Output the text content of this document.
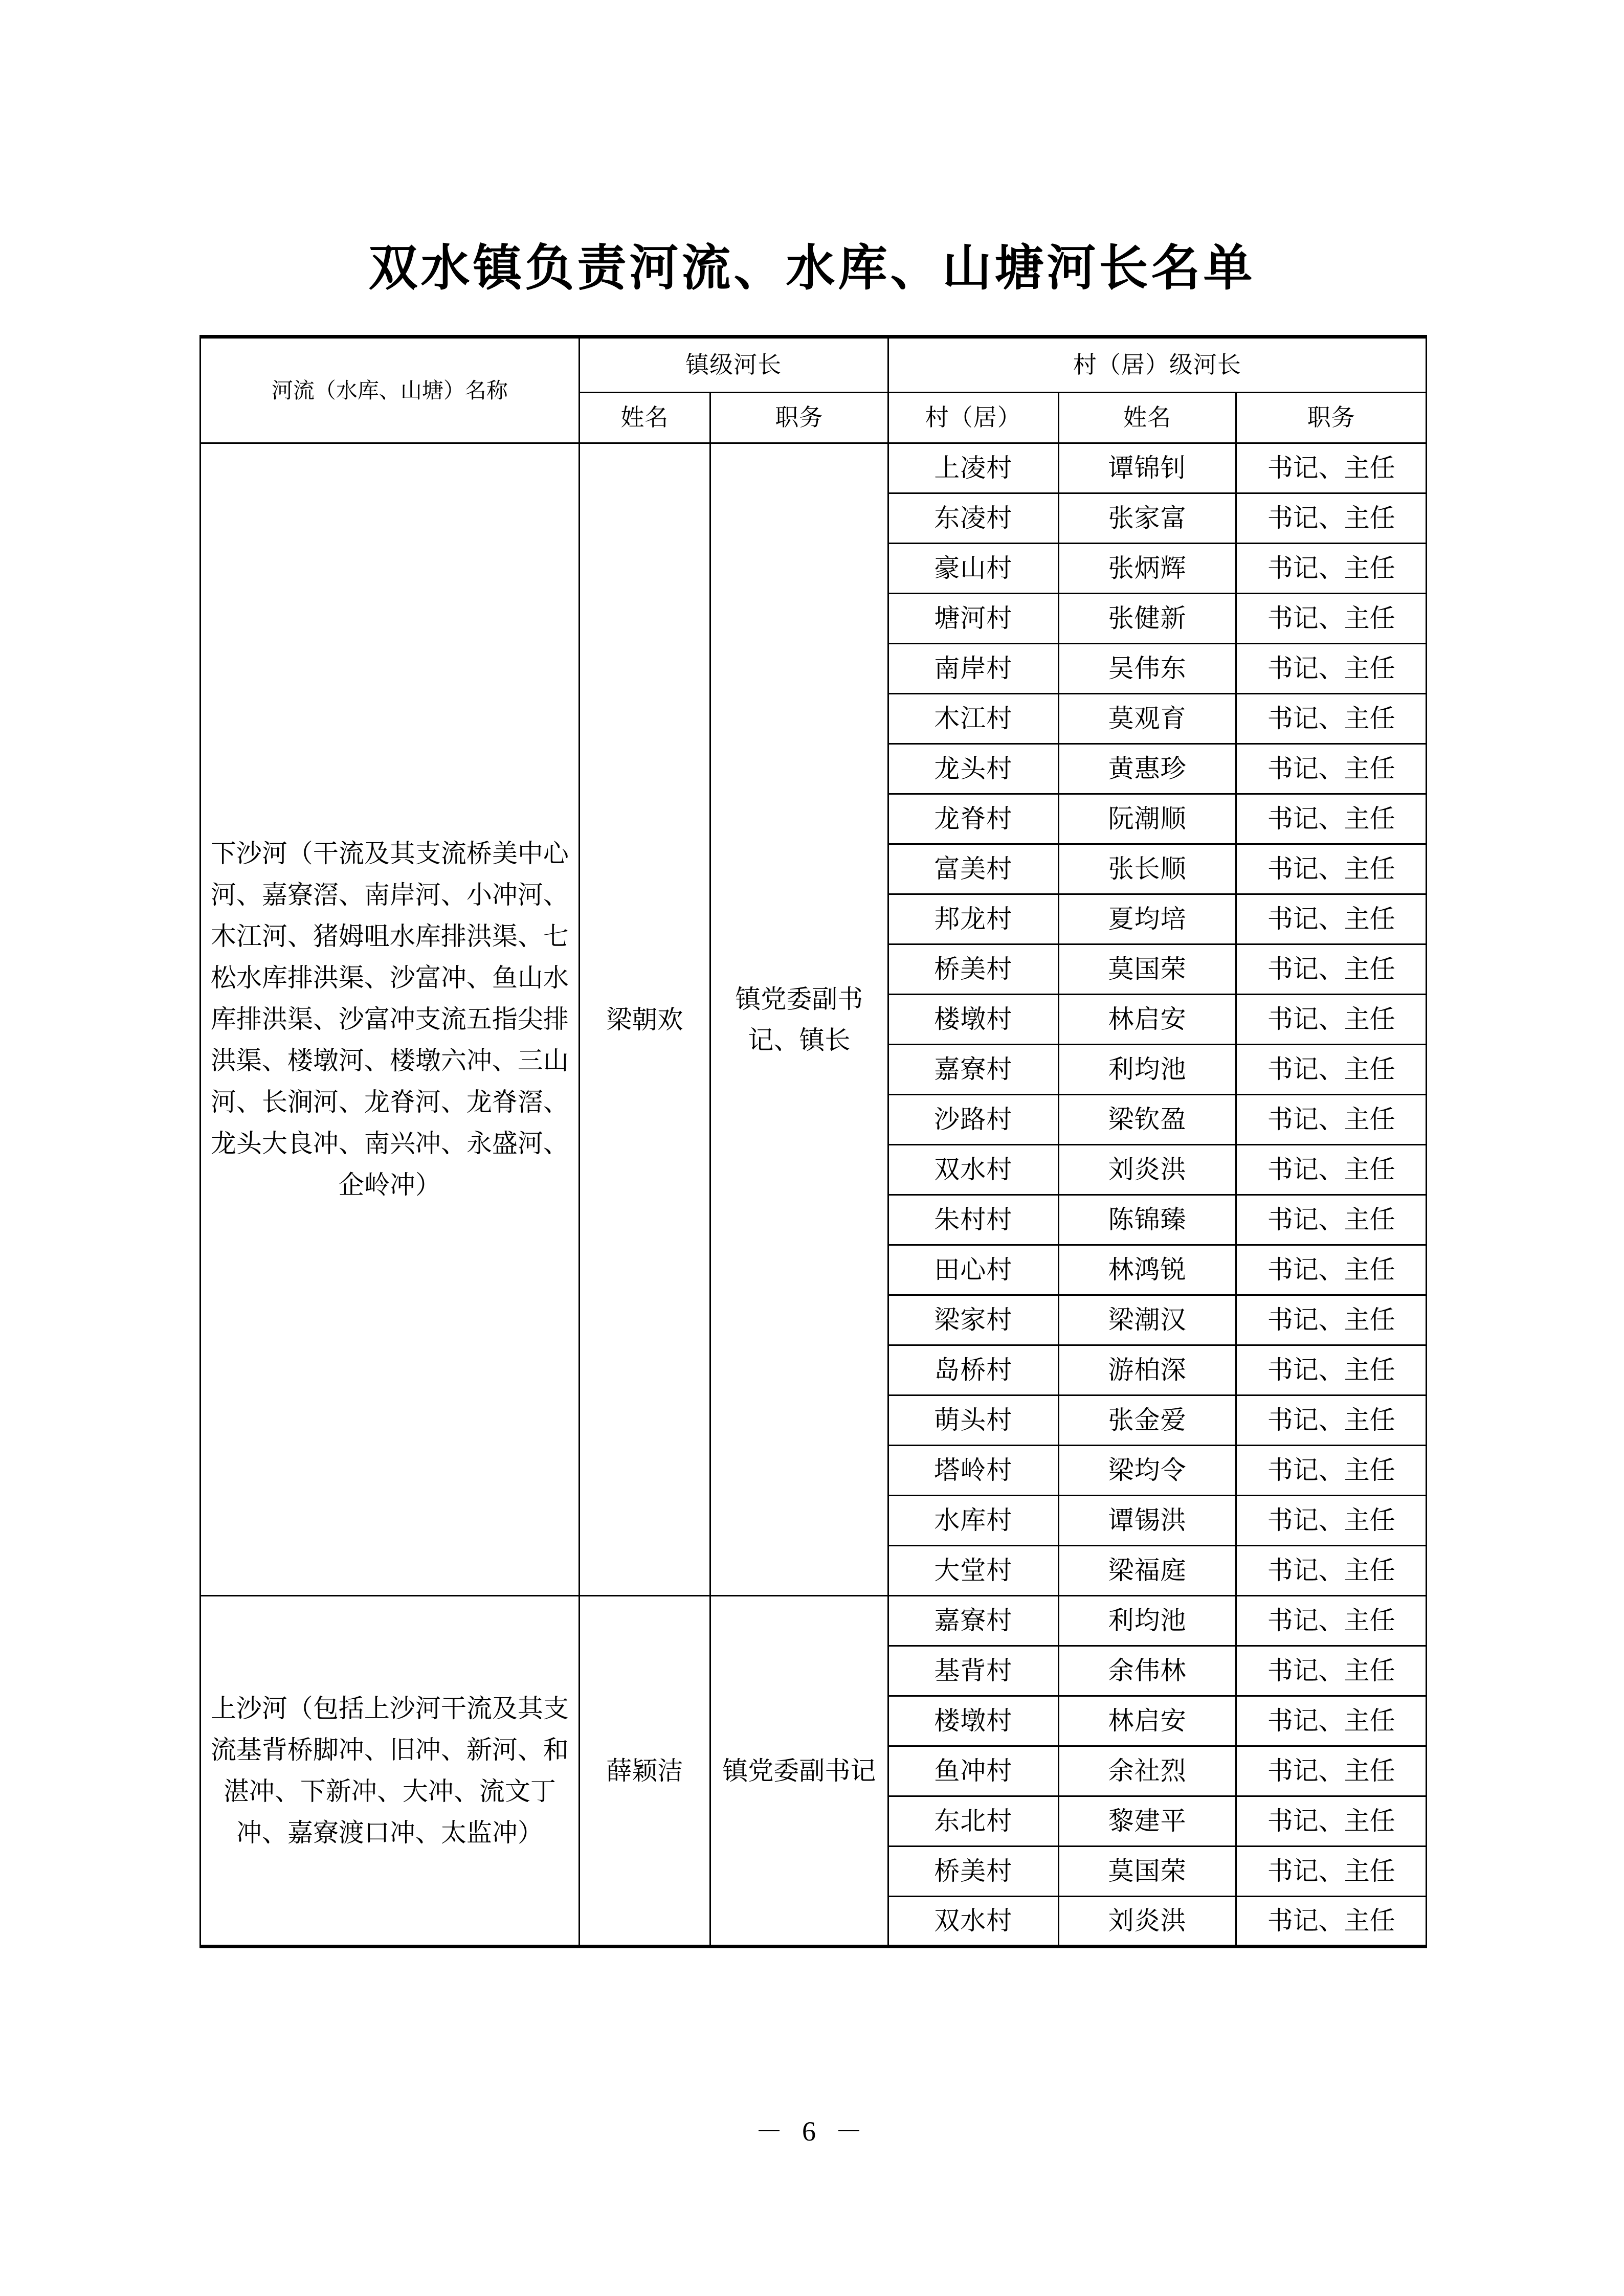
双水镇负责河流、水库、山塘河长名单
河流（水库、山塘）名称	镇级河长		村（居）级河长		
	姓名	职务	村（居）	姓名	职务
下沙河（干流及其支流桥美中心河、嘉寮滘、南岸河、小冲河、木江河、猪姆咀水库排洪渠、七松水库排洪渠、沙富冲、鱼山水库排洪渠、沙富冲支流五指尖排洪渠、楼墩河、楼墩六冲、三山河、长涧河、龙脊河、龙脊滘、龙头大良冲、南兴冲、永盛河、企岭冲）	梁朝欢	镇党委副书记、镇长	上凌村	谭锦钊	书记、主任
			东凌村	张家富	书记、主任
			豪山村	张炳辉	书记、主任
			塘河村	张健新	书记、主任
			南岸村	吴伟东	书记、主任
			木江村	莫观育	书记、主任
			龙头村	黄惠珍	书记、主任
			龙脊村	阮潮顺	书记、主任
			富美村	张长顺	书记、主任
			邦龙村	夏均培	书记、主任
			桥美村	莫国荣	书记、主任
			楼墩村	林启安	书记、主任
			嘉寮村	利均池	书记、主任
			沙路村	梁钦盈	书记、主任
			双水村	刘炎洪	书记、主任
			朱村村	陈锦臻	书记、主任
			田心村	林鸿锐	书记、主任
			梁家村	梁潮汉	书记、主任
			岛桥村	游柏深	书记、主任
			萌头村	张金爱	书记、主任
			塔岭村	梁均令	书记、主任
			水库村	谭锡洪	书记、主任
			大堂村	梁福庭	书记、主任
上沙河（包括上沙河干流及其支流基背桥脚冲、旧冲、新河、和湛冲、下新冲、大冲、流文丁冲、嘉寮渡口冲、太监冲）	薛颖洁	镇党委副书记	嘉寮村	利均池	书记、主任
			基背村	余伟林	书记、主任
			楼墩村	林启安	书记、主任
			鱼冲村	余社烈	书记、主任
			东北村	黎建平	书记、主任
			桥美村	莫国荣	书记、主任
			双水村	刘炎洪	书记、主任
－ 6 －
